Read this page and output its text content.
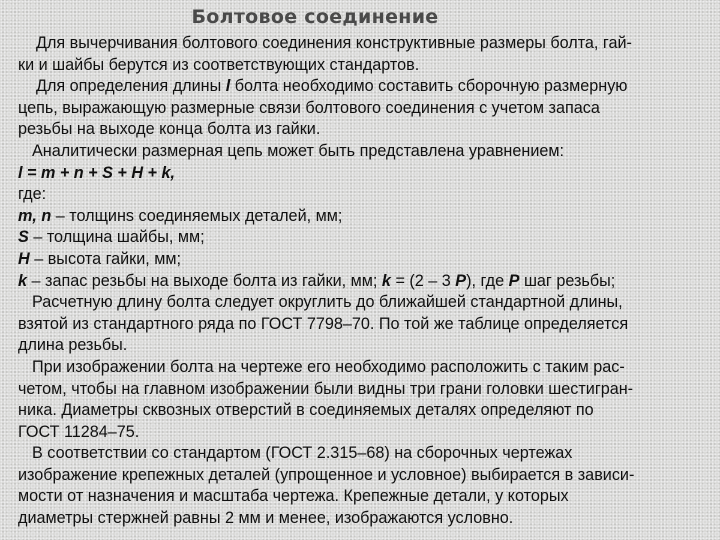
Болтовое соединение
Для вычерчивания болтового соединения конструктивные размеры болта, гай-
ки и шайбы берутся из соответствующих стандартов.
Для определения длины l болта необходимо составить сборочную размерную
цепь, выражающую размерные связи болтового соединения с учетом запаса
резьбы на выходе конца болта из гайки.
Аналитически размерная цепь может быть представлена уравнением:
l = m + n + S + H + k,
где:
m, n – толщинs соединяемых деталей, мм;
S – толщина шайбы, мм;
H – высота гайки, мм;
k – запас резьбы на выходе болта из гайки, мм; k = (2 – 3 P), где P шаг резьбы;
Расчетную длину болта следует округлить до ближайшей стандартной длины,
взятой из стандартного ряда по ГОСТ 7798–70. По той же таблице определяется
длина резьбы.
При изображении болта на чертеже его необходимо расположить с таким рас-
четом, чтобы на главном изображении были видны три грани головки шестигран-
ника. Диаметры сквозных отверстий в соединяемых деталях определяют по
ГОСТ 11284–75.
В соответствии со стандартом (ГОСТ 2.315–68) на сборочных чертежах
изображение крепежных деталей (упрощенное и условное) выбирается в зависи-
мости от назначения и масштаба чертежа. Крепежные детали, у которых
диаметры стержней равны 2 мм и менее, изображаются условно.
